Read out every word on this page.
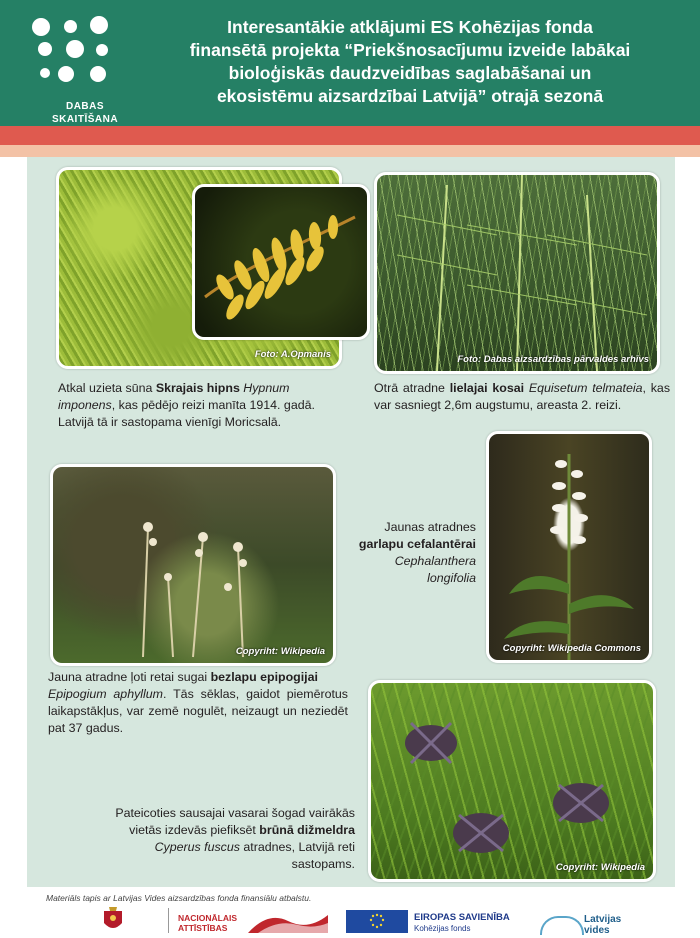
DABAS
SKAITĪŠANA
Interesantākie atklājumi ES Kohēzijas fonda
finansētā projekta “Priekšnosacījumu izveide labākai
bioloģiskās daudzveidības saglabāšanai un
ekosistēmu aizsardzībai Latvijā” otrajā sezonā
Foto: A.Opmanis	Foto: Dabas aizsardzības pārvaldes arhīvs
Atkal uzieta sūna Skrajais hipns Hypnum imponens, kas pēdējo reizi manīta 1914. gadā. Latvijā tā ir sastopama vienīgi Moricsalā.
Otrā atradne lielajai kosai Equisetum telmateia, kas var sasniegt 2,6m augstumu, areasta 2. reizi.
Copyriht: Wikipedia
Jaunas atradnes
garlapu cefalantērai
Cephalanthera
longifolia
Copyriht: Wikipedia Commons
Jauna atradne ļoti retai sugai bezlapu epipogijai
Epipogium aphyllum. Tās sēklas, gaidot piemērotus laikapstākļus, var zemē nogulēt, neizaugt un neziedēt pat 37 gadus.
Copyriht: Wikipedia
Pateicoties sausajai vasarai šogad vairākās vietās izdevās piefiksēt brūnā dižmeldra
Cyperus fuscus atradnes, Latvijā reti sastopams.
Materiāls tapis ar Latvijas Vides aizsardzības fonda finansiālu atbalstu.
NACIONĀLAIS
ATTĪSTĪBAS
EIROPAS SAVIENĪBA
Kohēzijas fonds
Latvijas
vides
